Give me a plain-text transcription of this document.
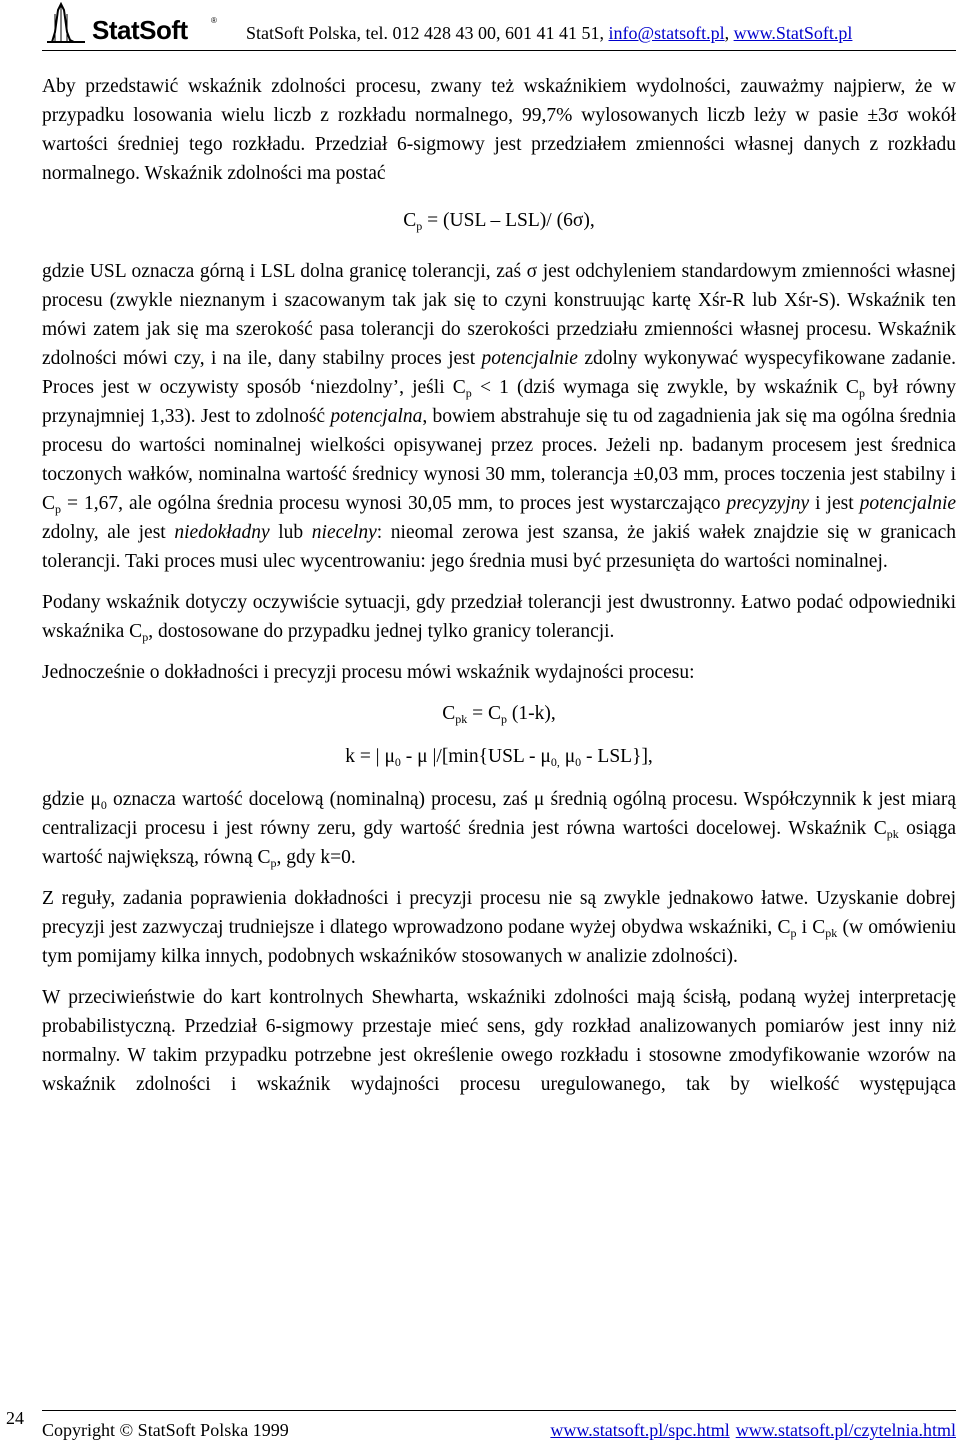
StatSoft	®
StatSoft Polska, tel. 012 428 43 00, 601 41 41 51, info@statsoft.pl, www.StatSoft.pl

Aby przedstawić wskaźnik zdolności procesu, zwany też wskaźnikiem wydolności, zauważmy najpierw, że w przypadku losowania wielu liczb z rozkładu normalnego, 99,7% wylosowanych liczb leży w pasie ±3σ wokół wartości średniej tego rozkładu. Przedział 6-sigmowy jest przedziałem zmienności własnej danych z rozkładu normalnego. Wskaźnik zdolności ma postać

$C_p = (USL - LSL)/$ (6σ),

gdzie USL oznacza górną i LSL dolna granicę tolerancji, zaś σ jest odchyleniem standardowym zmienności własnej procesu (zwykle nieznanym i szacowanym tak jak się to czyni konstruując kartę Xśr-R lub Xśr-S). Wskaźnik ten mówi zatem jak się ma szerokość pasa tolerancji do szerokości przedziału zmienności własnej procesu. Wskaźnik zdolności mówi czy, i na ile, dany stabilny proces jest potencjalnie zdolny wykonywać wyspecyfikowane zadanie. Proces jest w oczywisty sposób ‘niezdolny’, jeśli $C_p < 1$ (dziś wymaga się zwykle, by wskaźnik $C_p$ był równy przynajmniej 1,33). Jest to zdolność potencjalna, bowiem abstrahuje się tu od zagadnienia jak się ma ogólna średnia procesu do wartości nominalnej wielkości opisywanej przez proces. Jeżeli np. badanym procesem jest średnica toczonych wałków, nominalna wartość średnicy wynosi 30 mm, tolerancja ±0,03 mm, proces toczenia jest stabilny i $C_p = 1,67$, ale ogólna średnia procesu wynosi 30,05 mm, to proces jest wystarczająco precyzyjny i jest potencjalnie zdolny, ale jest niedokładny lub niecelny: nieomal zerowa jest szansa, że jakiś wałek znajdzie się w granicach tolerancji. Taki proces musi ulec wycentrowaniu: jego średnia musi być przesunięta do wartości nominalnej.

Podany wskaźnik dotyczy oczywiście sytuacji, gdy przedział tolerancji jest dwustronny. Łatwo podać odpowiedniki wskaźnika $C_p$, dostosowane do przypadku jednej tylko granicy tolerancji.

Jednocześnie o dokładności i precyzji procesu mówi wskaźnik wydajności procesu:

$C_{pk} = C_p$ (1-k),
k = | $\mu_0$ - μ $|/[\min\{USL - \mu_{0,}$ $\mu_0 - LSL$}],

gdzie $\mu_0$ oznacza wartość docelową (nominalną) procesu, zaś μ średnią ogólną procesu. Współczynnik k jest miarą centralizacji procesu i jest równy zeru, gdy wartość średnia jest równa wartości docelowej. Wskaźnik $C_{pk}$ osiąga wartość największą, równą $C_p$, gdy k=0.

Z reguły, zadania poprawienia dokładności i precyzji procesu nie są zwykle jednakowo łatwe. Uzyskanie dobrej precyzji jest zazwyczaj trudniejsze i dlatego wprowadzono podane wyżej obydwa wskaźniki, $C_p$ i $C_{pk}$ (w omówieniu tym pomijamy kilka innych, podobnych wskaźników stosowanych w analizie zdolności).

W przeciwieństwie do kart kontrolnych Shewharta, wskaźniki zdolności mają ścisłą, podaną wyżej interpretację probabilistyczną. Przedział 6-sigmowy przestaje mieć sens, gdy rozkład analizowanych pomiarów jest inny niż normalny. W takim przypadku potrzebne jest określenie owego rozkładu i stosowne zmodyfikowanie wzorów na wskaźnik zdolności i wskaźnik wydajności procesu uregulowanego, tak by wielkość występująca

24
Copyright © StatSoft Polska 1999	www.statsoft.pl/spc.html www.statsoft.pl/czytelnia.html
